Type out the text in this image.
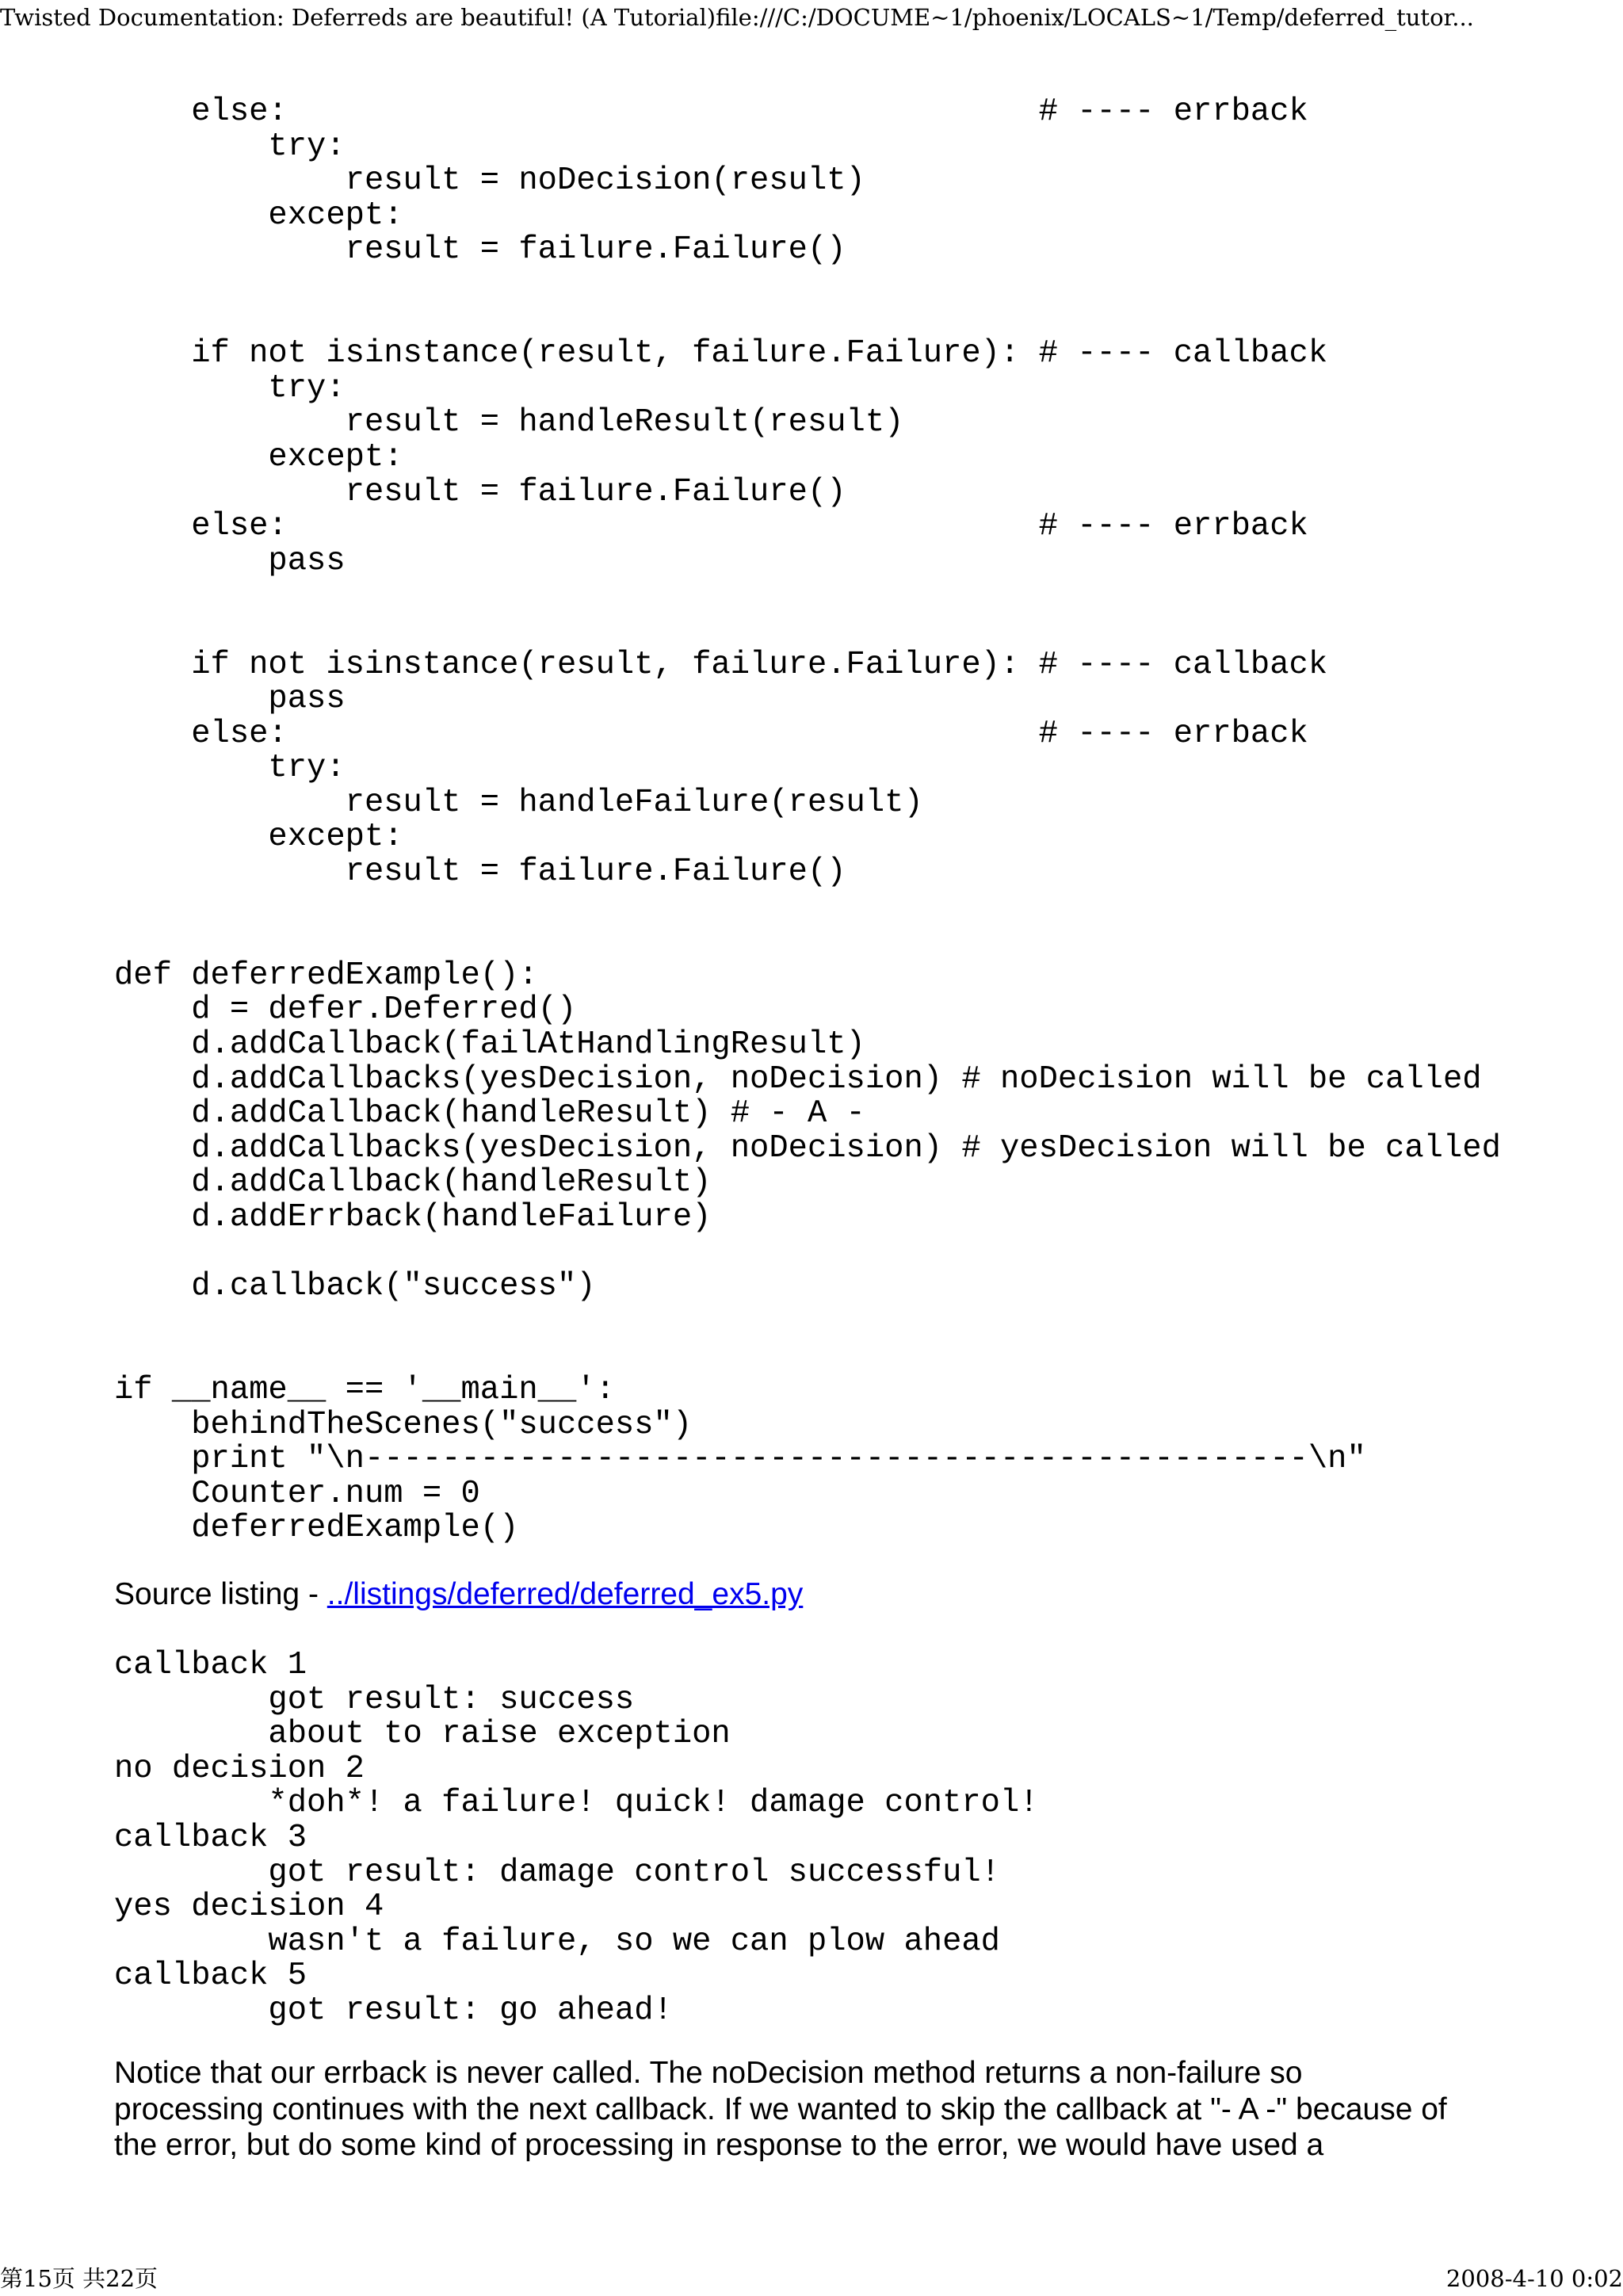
Twisted Documentation: Deferreds are beautiful! (A Tutorial)file:///C:/DOCUME~1/phoenix/LOCALS~1/Temp/deferred_tutor...
else:                                       # ---- errback
try:
result = noDecision(result)
except:
result = failure.Failure()

if not isinstance(result, failure.Failure): # ---- callback
try:
result = handleResult(result)
except:
result = failure.Failure()
else:                                       # ---- errback
pass

if not isinstance(result, failure.Failure): # ---- callback
pass
else:                                       # ---- errback
try:
result = handleFailure(result)
except:
result = failure.Failure()

def deferredExample():
d = defer.Deferred()
d.addCallback(failAtHandlingResult)
d.addCallbacks(yesDecision, noDecision) # noDecision will be called
d.addCallback(handleResult) # - A -
d.addCallbacks(yesDecision, noDecision) # yesDecision will be called
d.addCallback(handleResult)
d.addErrback(handleFailure)

d.callback("success")

if __name__ == '__main__':
behindTheScenes("success")
print "\n-------------------------------------------------\n"
Counter.num = 0
deferredExample()
Source listing - ../listings/deferred/deferred_ex5.py
callback 1
got result: success
about to raise exception
no decision 2
*doh*! a failure! quick! damage control!
callback 3
got result: damage control successful!
yes decision 4
wasn't a failure, so we can plow ahead
callback 5
got result: go ahead!

Notice that our errback is never called. The noDecision method returns a non-failure so
processing continues with the next callback. If we wanted to skip the callback at "- A -" because of
the error, but do some kind of processing in response to the error, we would have used a

第15页 共22页	2008-4-10 0:02
